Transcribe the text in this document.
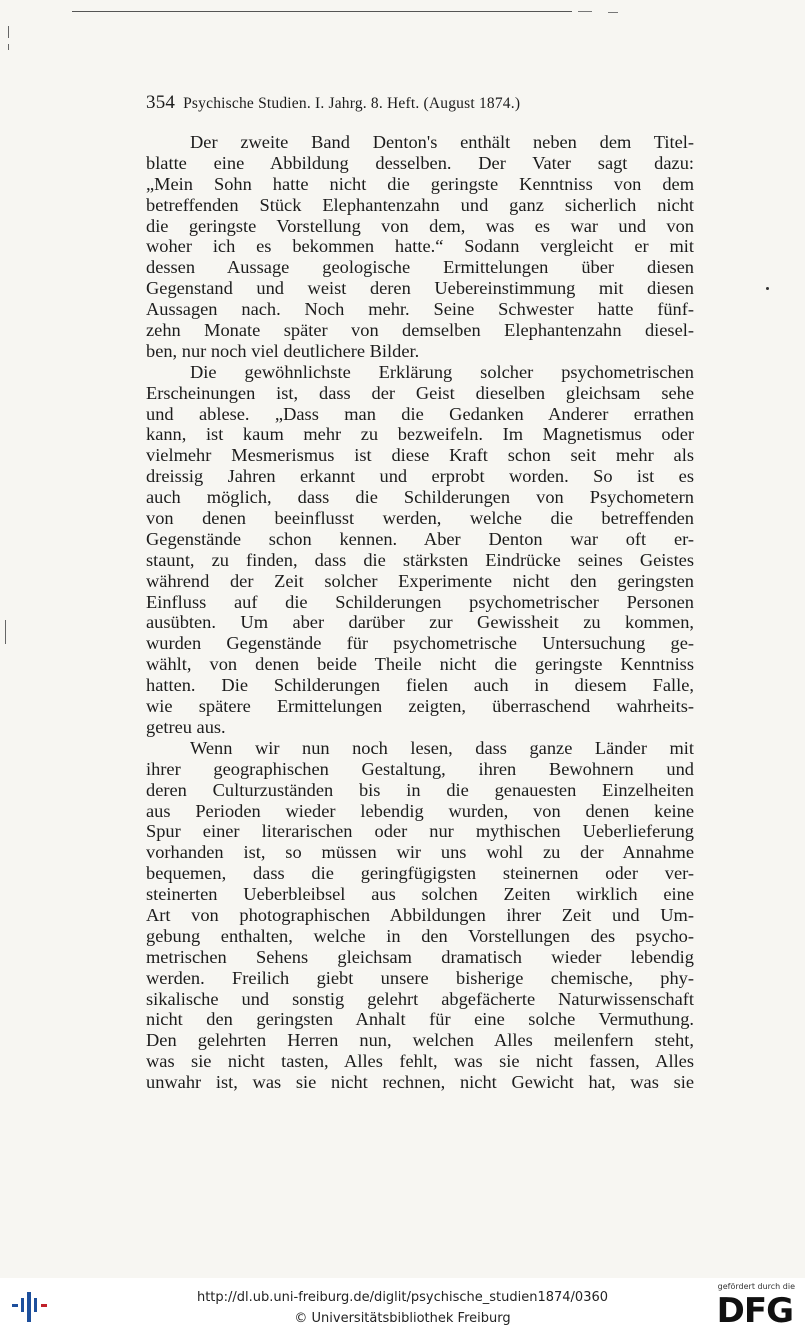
354 Psychische Studien. I. Jahrg. 8. Heft. (August 1874.)
Der zweite Band Denton's enthält neben dem Titel-
blatte eine Abbildung desselben. Der Vater sagt dazu:
„Mein Sohn hatte nicht die geringste Kenntniss von dem
betreffenden Stück Elephantenzahn und ganz sicherlich nicht
die geringste Vorstellung von dem, was es war und von
woher ich es bekommen hatte.“ Sodann vergleicht er mit
dessen Aussage geologische Ermittelungen über diesen
Gegenstand und weist deren Uebereinstimmung mit diesen
Aussagen nach. Noch mehr. Seine Schwester hatte fünf-
zehn Monate später von demselben Elephantenzahn diesel-
ben, nur noch viel deutlichere Bilder.
Die gewöhnlichste Erklärung solcher psychometrischen
Erscheinungen ist, dass der Geist dieselben gleichsam sehe
und ablese. „Dass man die Gedanken Anderer errathen
kann, ist kaum mehr zu bezweifeln. Im Magnetismus oder
vielmehr Mesmerismus ist diese Kraft schon seit mehr als
dreissig Jahren erkannt und erprobt worden. So ist es
auch möglich, dass die Schilderungen von Psychometern
von denen beeinflusst werden, welche die betreffenden
Gegenstände schon kennen. Aber Denton war oft er-
staunt, zu finden, dass die stärksten Eindrücke seines Geistes
während der Zeit solcher Experimente nicht den geringsten
Einfluss auf die Schilderungen psychometrischer Personen
ausübten. Um aber darüber zur Gewissheit zu kommen,
wurden Gegenstände für psychometrische Untersuchung ge-
wählt, von denen beide Theile nicht die geringste Kenntniss
hatten. Die Schilderungen fielen auch in diesem Falle,
wie spätere Ermittelungen zeigten, überraschend wahrheits-
getreu aus.
Wenn wir nun noch lesen, dass ganze Länder mit
ihrer geographischen Gestaltung, ihren Bewohnern und
deren Culturzuständen bis in die genauesten Einzelheiten
aus Perioden wieder lebendig wurden, von denen keine
Spur einer literarischen oder nur mythischen Ueberlieferung
vorhanden ist, so müssen wir uns wohl zu der Annahme
bequemen, dass die geringfügigsten steinernen oder ver-
steinerten Ueberbleibsel aus solchen Zeiten wirklich eine
Art von photographischen Abbildungen ihrer Zeit und Um-
gebung enthalten, welche in den Vorstellungen des psycho-
metrischen Sehens gleichsam dramatisch wieder lebendig
werden. Freilich giebt unsere bisherige chemische, phy-
sikalische und sonstig gelehrt abgefächerte Naturwissenschaft
nicht den geringsten Anhalt für eine solche Vermuthung.
Den gelehrten Herren nun, welchen Alles meilenfern steht,
was sie nicht tasten, Alles fehlt, was sie nicht fassen, Alles
unwahr ist, was sie nicht rechnen, nicht Gewicht hat, was sie
http://dl.ub.uni-freiburg.de/diglit/psychische_studien1874/0360
© Universitätsbibliothek Freiburg
gefördert durch die
DFG
